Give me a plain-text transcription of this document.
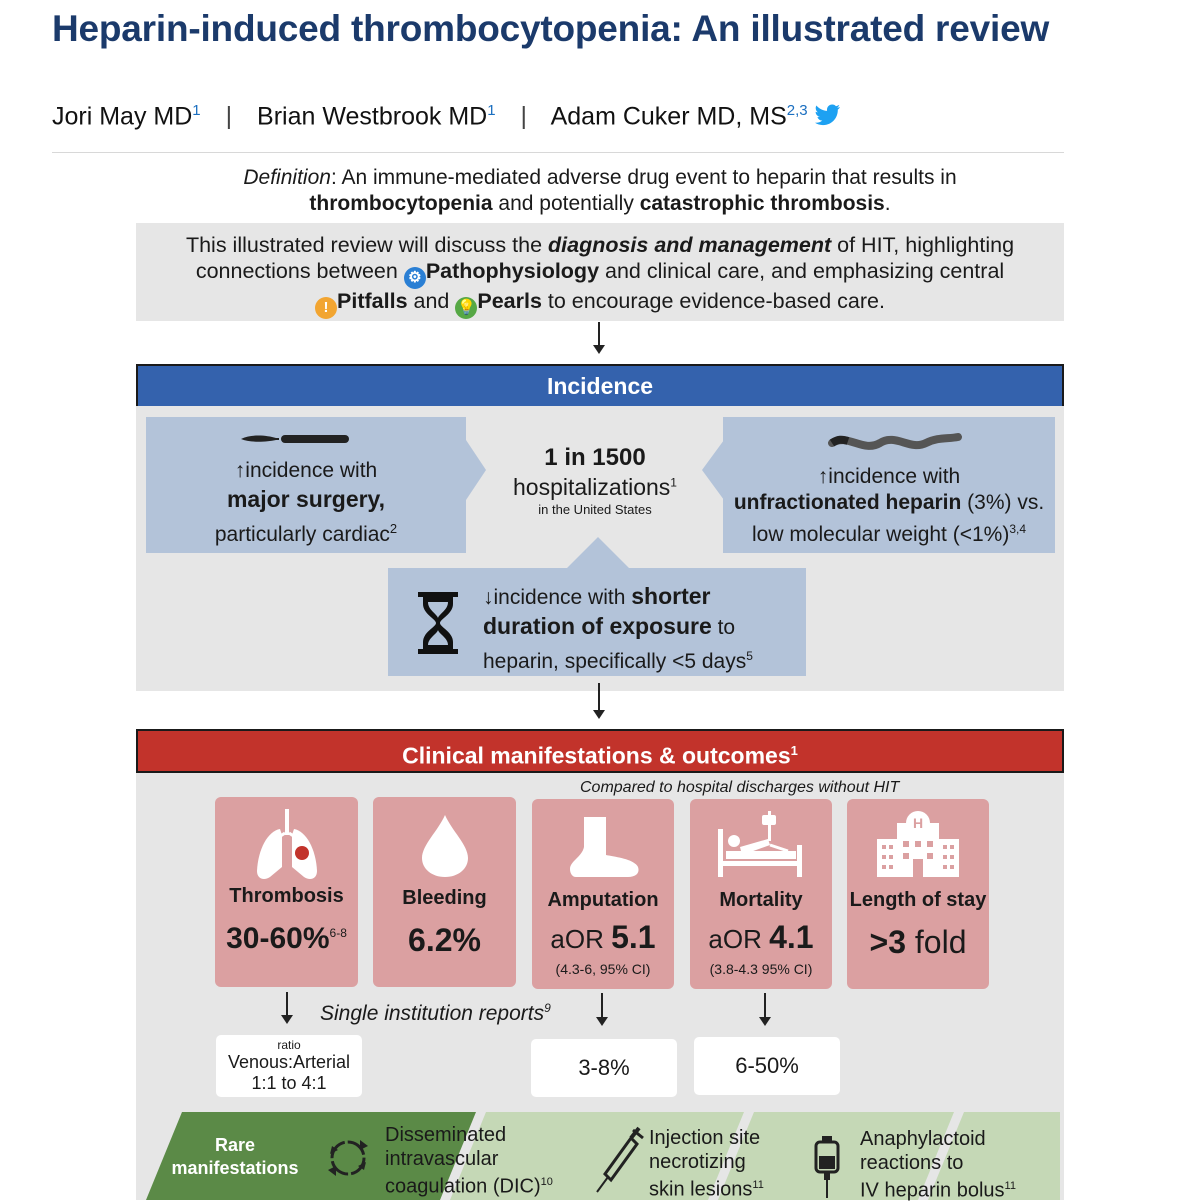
Heparin-induced thrombocytopenia: An illustrated review
Jori May $MD^1$ | Brian Westbrook $MD^1$ | Adam Cuker MD, MS$^{2,3}$
Definition: An immune-mediated adverse drug event to heparin that results in
thrombocytopenia and potentially catastrophic thrombosis.
This illustrated review will discuss the diagnosis and management of HIT, highlighting
connections between ⚙ Pathophysiology and clinical care, and emphasizing central
! Pitfalls and 💡Pearls to encourage evidence-based care.
Incidence
↑incidence with
major surgery,
particularly cardiac$^2$
1 in 1500
hospitalizations$^1$
in the United States
↑incidence with
unfractionated heparin (3%) vs.
low molecular weight (<1%)$^{3,4}$
↓incidence with shorter
duration of exposure to
heparin, specifically <5 days$^5$
Clinical manifestations & outcomes$^1$
Compared to hospital discharges without HIT
Thrombosis
30-60%$^{6-8}$
Bleeding
6.2%
Amputation
aOR 5.1
(4.3-6, 95% CI)
Mortality
aOR 4.1
(3.8-4.3 95% CI)
H
Length of stay
>3 fold
Single institution reports$^9$
ratio
Venous:Arterial
1:1 to 4:1
3-8%	6-50%
Rare
manifestations
Disseminated
intravascular
coagulation (DIC)$^{10}$
Injection site
necrotizing
skin lesions$^{11}$
Anaphylactoid
reactions to
IV heparin bolus$^{11}$
